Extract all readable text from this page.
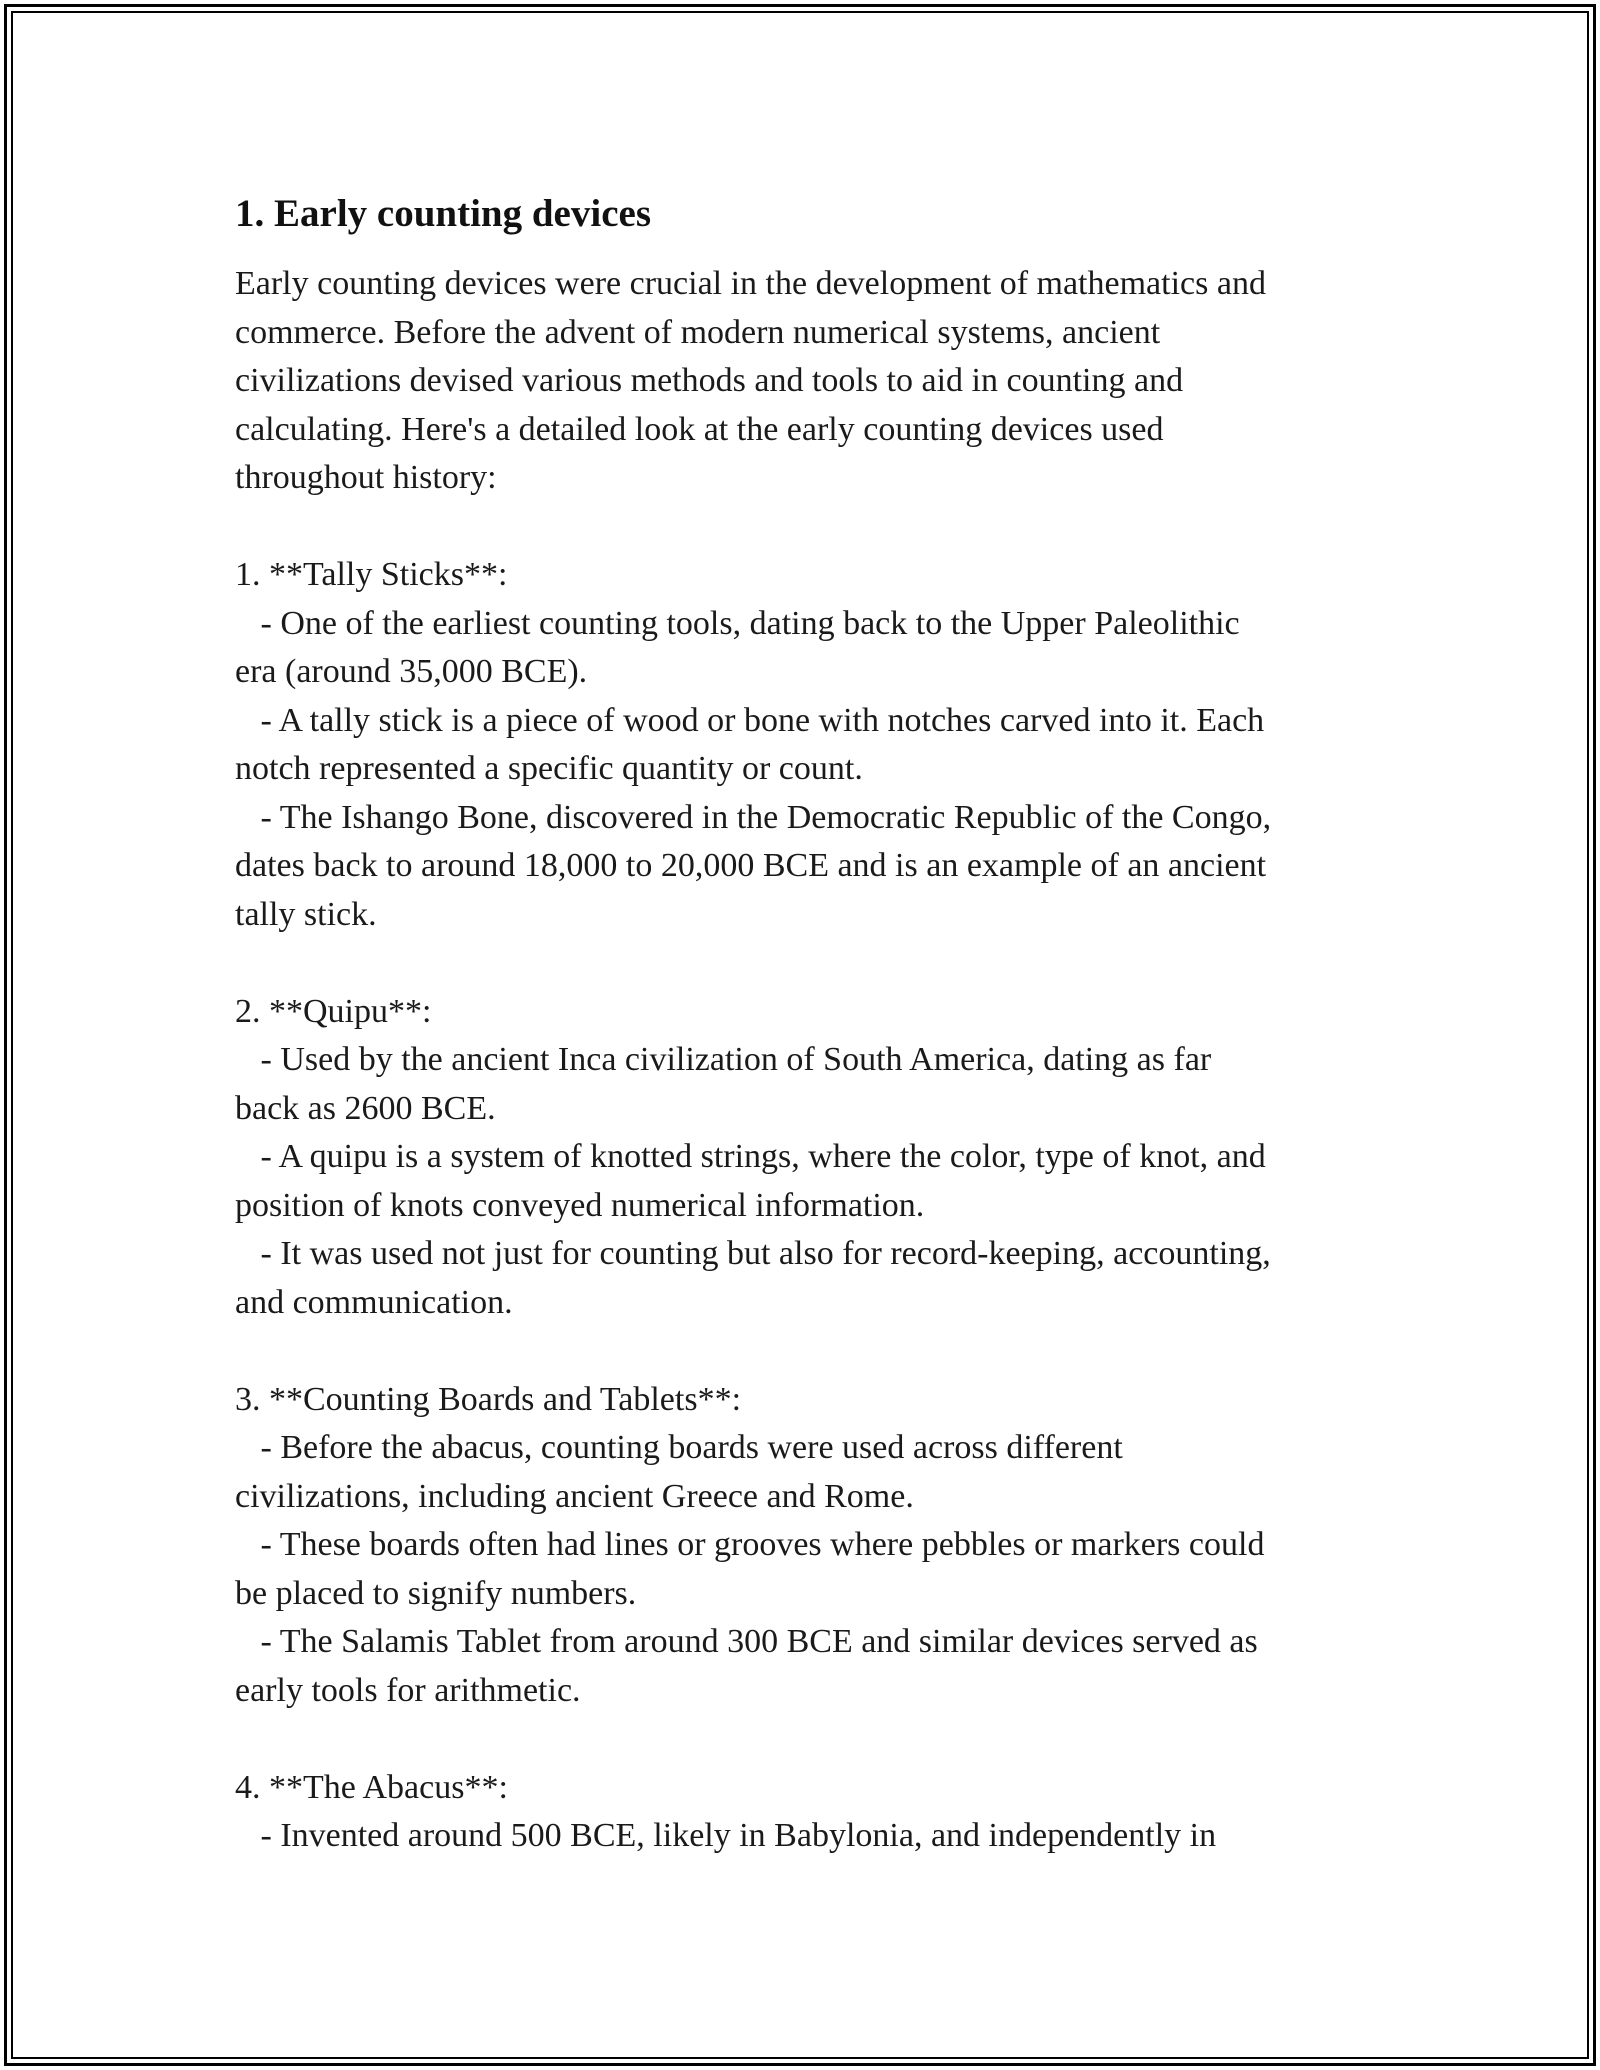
1. Early counting devices
Early counting devices were crucial in the development of mathematics and
commerce. Before the advent of modern numerical systems, ancient
civilizations devised various methods and tools to aid in counting and
calculating. Here's a detailed look at the early counting devices used
throughout history:

1. **Tally Sticks**:
- One of the earliest counting tools, dating back to the Upper Paleolithic
era (around 35,000 BCE).
- A tally stick is a piece of wood or bone with notches carved into it. Each
notch represented a specific quantity or count.
- The Ishango Bone, discovered in the Democratic Republic of the Congo,
dates back to around 18,000 to 20,000 BCE and is an example of an ancient
tally stick.

2. **Quipu**:
- Used by the ancient Inca civilization of South America, dating as far
back as 2600 BCE.
- A quipu is a system of knotted strings, where the color, type of knot, and
position of knots conveyed numerical information.
- It was used not just for counting but also for record-keeping, accounting,
and communication.

3. **Counting Boards and Tablets**:
- Before the abacus, counting boards were used across different
civilizations, including ancient Greece and Rome.
- These boards often had lines or grooves where pebbles or markers could
be placed to signify numbers.
- The Salamis Tablet from around 300 BCE and similar devices served as
early tools for arithmetic.

4. **The Abacus**:
- Invented around 500 BCE, likely in Babylonia, and independently in
